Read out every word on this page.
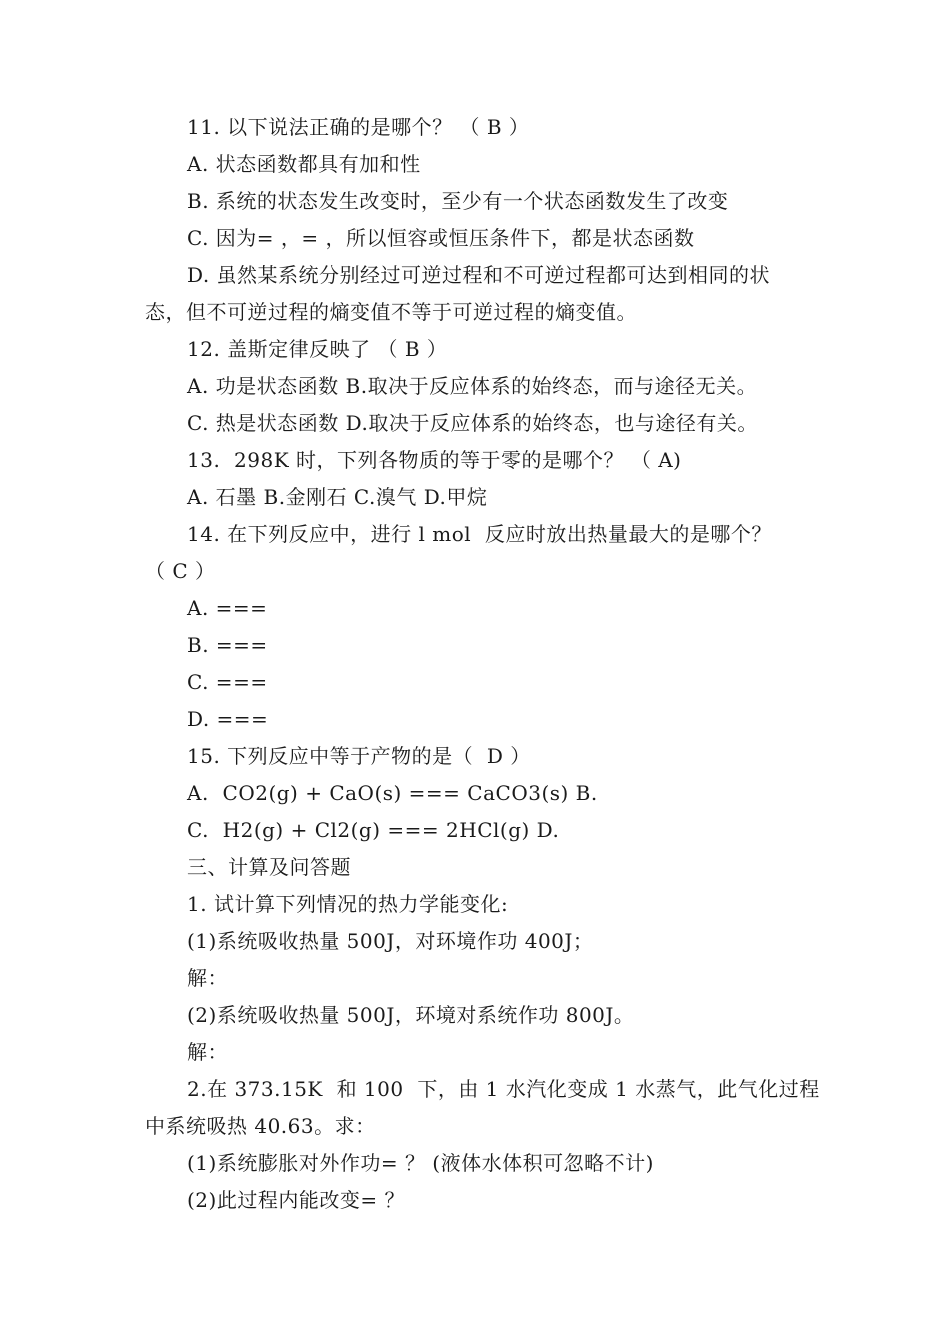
11. 以下说法正确的是哪个？ （ B ）
A. 状态函数都具有加和性
B. 系统的状态发生改变时，至少有一个状态函数发生了改变
C. 因为= ，= ，所以恒容或恒压条件下，都是状态函数
D. 虽然某系统分别经过可逆过程和不可逆过程都可达到相同的状
态，但不可逆过程的熵变值不等于可逆过程的熵变值。
12. 盖斯定律反映了 （ B ）
A. 功是状态函数 B.取决于反应体系的始终态，而与途径无关。
C. 热是状态函数 D.取决于反应体系的始终态，也与途径有关。
13.  298K 时，下列各物质的等于零的是哪个？ （ A)
A. 石墨 B.金刚石 C.溴气 D.甲烷
14. 在下列反应中，进行 l mol  反应时放出热量最大的是哪个？
（ C ）
A. ===
B. ===
C. ===
D. ===
15. 下列反应中等于产物的是（  D ）
A.  CO2(g) + CaO(s) === CaCO3(s) B.
C.  H2(g) + Cl2(g) === 2HCl(g) D.
三、计算及问答题
1. 试计算下列情况的热力学能变化:
(1)系统吸收热量 500J，对环境作功 400J；
解：
(2)系统吸收热量 500J，环境对系统作功 800J。
解：
2.在 373.15K  和 100  下，由 1 水汽化变成 1 水蒸气，此气化过程
中系统吸热 40.63。求：
(1)系统膨胀对外作功= ？ (液体水体积可忽略不计)
(2)此过程内能改变= ？
